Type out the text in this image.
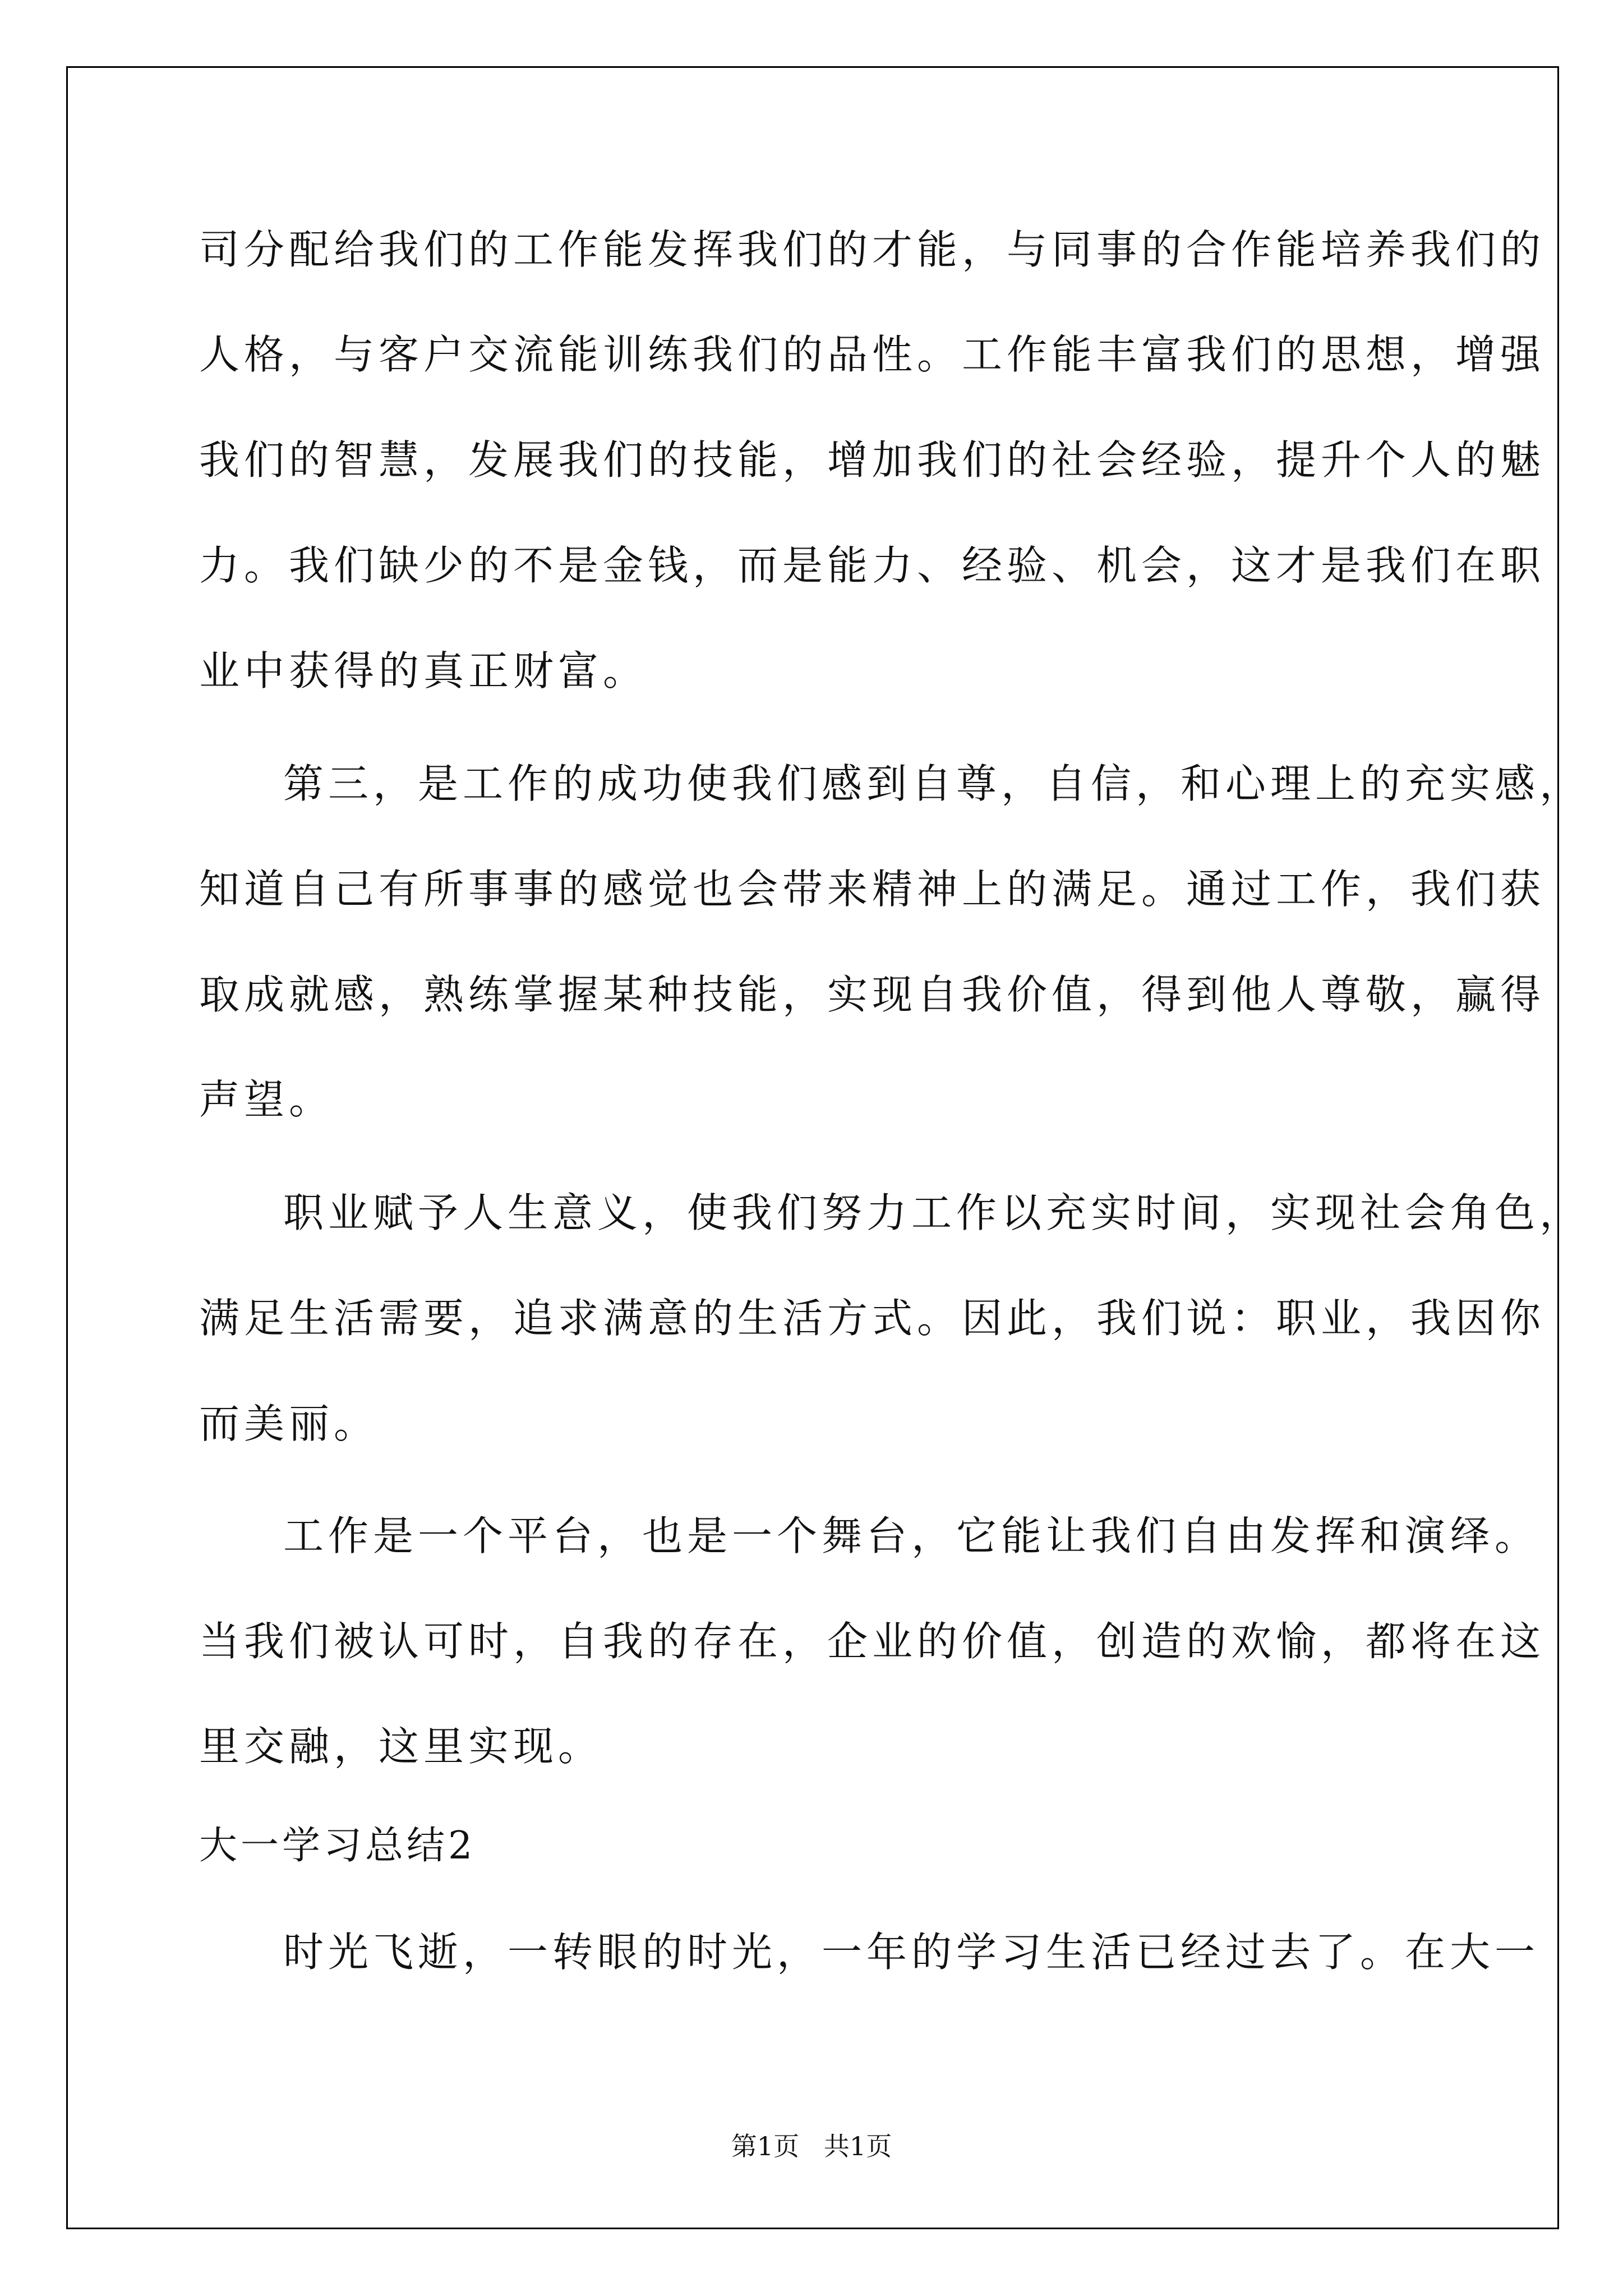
司分配给我们的工作能发挥我们的才能，与同事的合作能培养我们的
人格，与客户交流能训练我们的品性。工作能丰富我们的思想，增强
我们的智慧，发展我们的技能，增加我们的社会经验，提升个人的魅
力。我们缺少的不是金钱，而是能力、经验、机会，这才是我们在职
业中获得的真正财富。
第三，是工作的成功使我们感到自尊，自信，和心理上的充实感，
知道自己有所事事的感觉也会带来精神上的满足。通过工作，我们获
取成就感，熟练掌握某种技能，实现自我价值，得到他人尊敬，赢得
声望。
职业赋予人生意义，使我们努力工作以充实时间，实现社会角色，
满足生活需要，追求满意的生活方式。因此，我们说：职业，我因你
而美丽。
工作是一个平台，也是一个舞台，它能让我们自由发挥和演绎。
当我们被认可时，自我的存在，企业的价值，创造的欢愉，都将在这
里交融，这里实现。
大一学习总结2
时光飞逝，一转眼的时光，一年的学习生活已经过去了。在大一
第1页   共1页
